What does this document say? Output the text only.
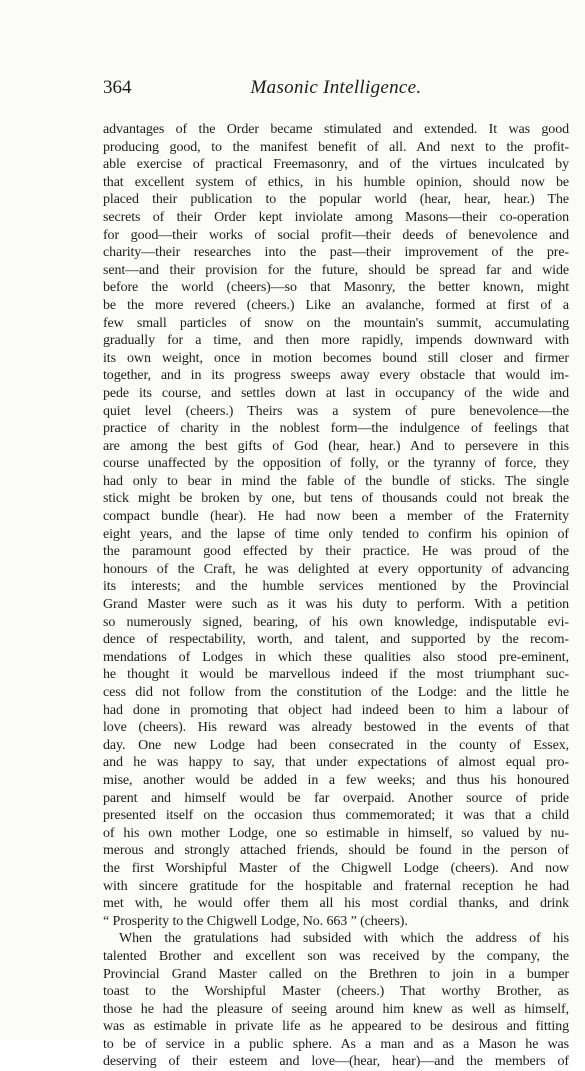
364	Masonic Intelligence.
advantages of the Order became stimulated and extended. It was good
producing good, to the manifest benefit of all. And next to the profit-
able exercise of practical Freemasonry, and of the virtues inculcated by
that excellent system of ethics, in his humble opinion, should now be
placed their publication to the popular world (hear, hear, hear.) The
secrets of their Order kept inviolate among Masons—their co-operation
for good—their works of social profit—their deeds of benevolence and
charity—their researches into the past—their improvement of the pre-
sent—and their provision for the future, should be spread far and wide
before the world (cheers)—so that Masonry, the better known, might
be the more revered (cheers.) Like an avalanche, formed at first of a
few small particles of snow on the mountain's summit, accumulating
gradually for a time, and then more rapidly, impends downward with
its own weight, once in motion becomes bound still closer and firmer
together, and in its progress sweeps away every obstacle that would im-
pede its course, and settles down at last in occupancy of the wide and
quiet level (cheers.) Theirs was a system of pure benevolence—the
practice of charity in the noblest form—the indulgence of feelings that
are among the best gifts of God (hear, hear.) And to persevere in this
course unaffected by the opposition of folly, or the tyranny of force, they
had only to bear in mind the fable of the bundle of sticks. The single
stick might be broken by one, but tens of thousands could not break the
compact bundle (hear). He had now been a member of the Fraternity
eight years, and the lapse of time only tended to confirm his opinion of
the paramount good effected by their practice. He was proud of the
honours of the Craft, he was delighted at every opportunity of advancing
its interests; and the humble services mentioned by the Provincial
Grand Master were such as it was his duty to perform. With a petition
so numerously signed, bearing, of his own knowledge, indisputable evi-
dence of respectability, worth, and talent, and supported by the recom-
mendations of Lodges in which these qualities also stood pre-eminent,
he thought it would be marvellous indeed if the most triumphant suc-
cess did not follow from the constitution of the Lodge: and the little he
had done in promoting that object had indeed been to him a labour of
love (cheers). His reward was already bestowed in the events of that
day. One new Lodge had been consecrated in the county of Essex,
and he was happy to say, that under expectations of almost equal pro-
mise, another would be added in a few weeks; and thus his honoured
parent and himself would be far overpaid. Another source of pride
presented itself on the occasion thus commemorated; it was that a child
of his own mother Lodge, one so estimable in himself, so valued by nu-
merous and strongly attached friends, should be found in the person of
the first Worshipful Master of the Chigwell Lodge (cheers). And now
with sincere gratitude for the hospitable and fraternal reception he had
met with, he would offer them all his most cordial thanks, and drink
“ Prosperity to the Chigwell Lodge, No. 663 ” (cheers).
When the gratulations had subsided with which the address of his
talented Brother and excellent son was received by the company, the
Provincial Grand Master called on the Brethren to join in a bumper
toast to the Worshipful Master (cheers.) That worthy Brother, as
those he had the pleasure of seeing around him knew as well as himself,
was as estimable in private life as he appeared to be desirous and fitting
to be of service in a public sphere. As a man and as a Mason he was
deserving of their esteem and love—(hear, hear)—and the members of
